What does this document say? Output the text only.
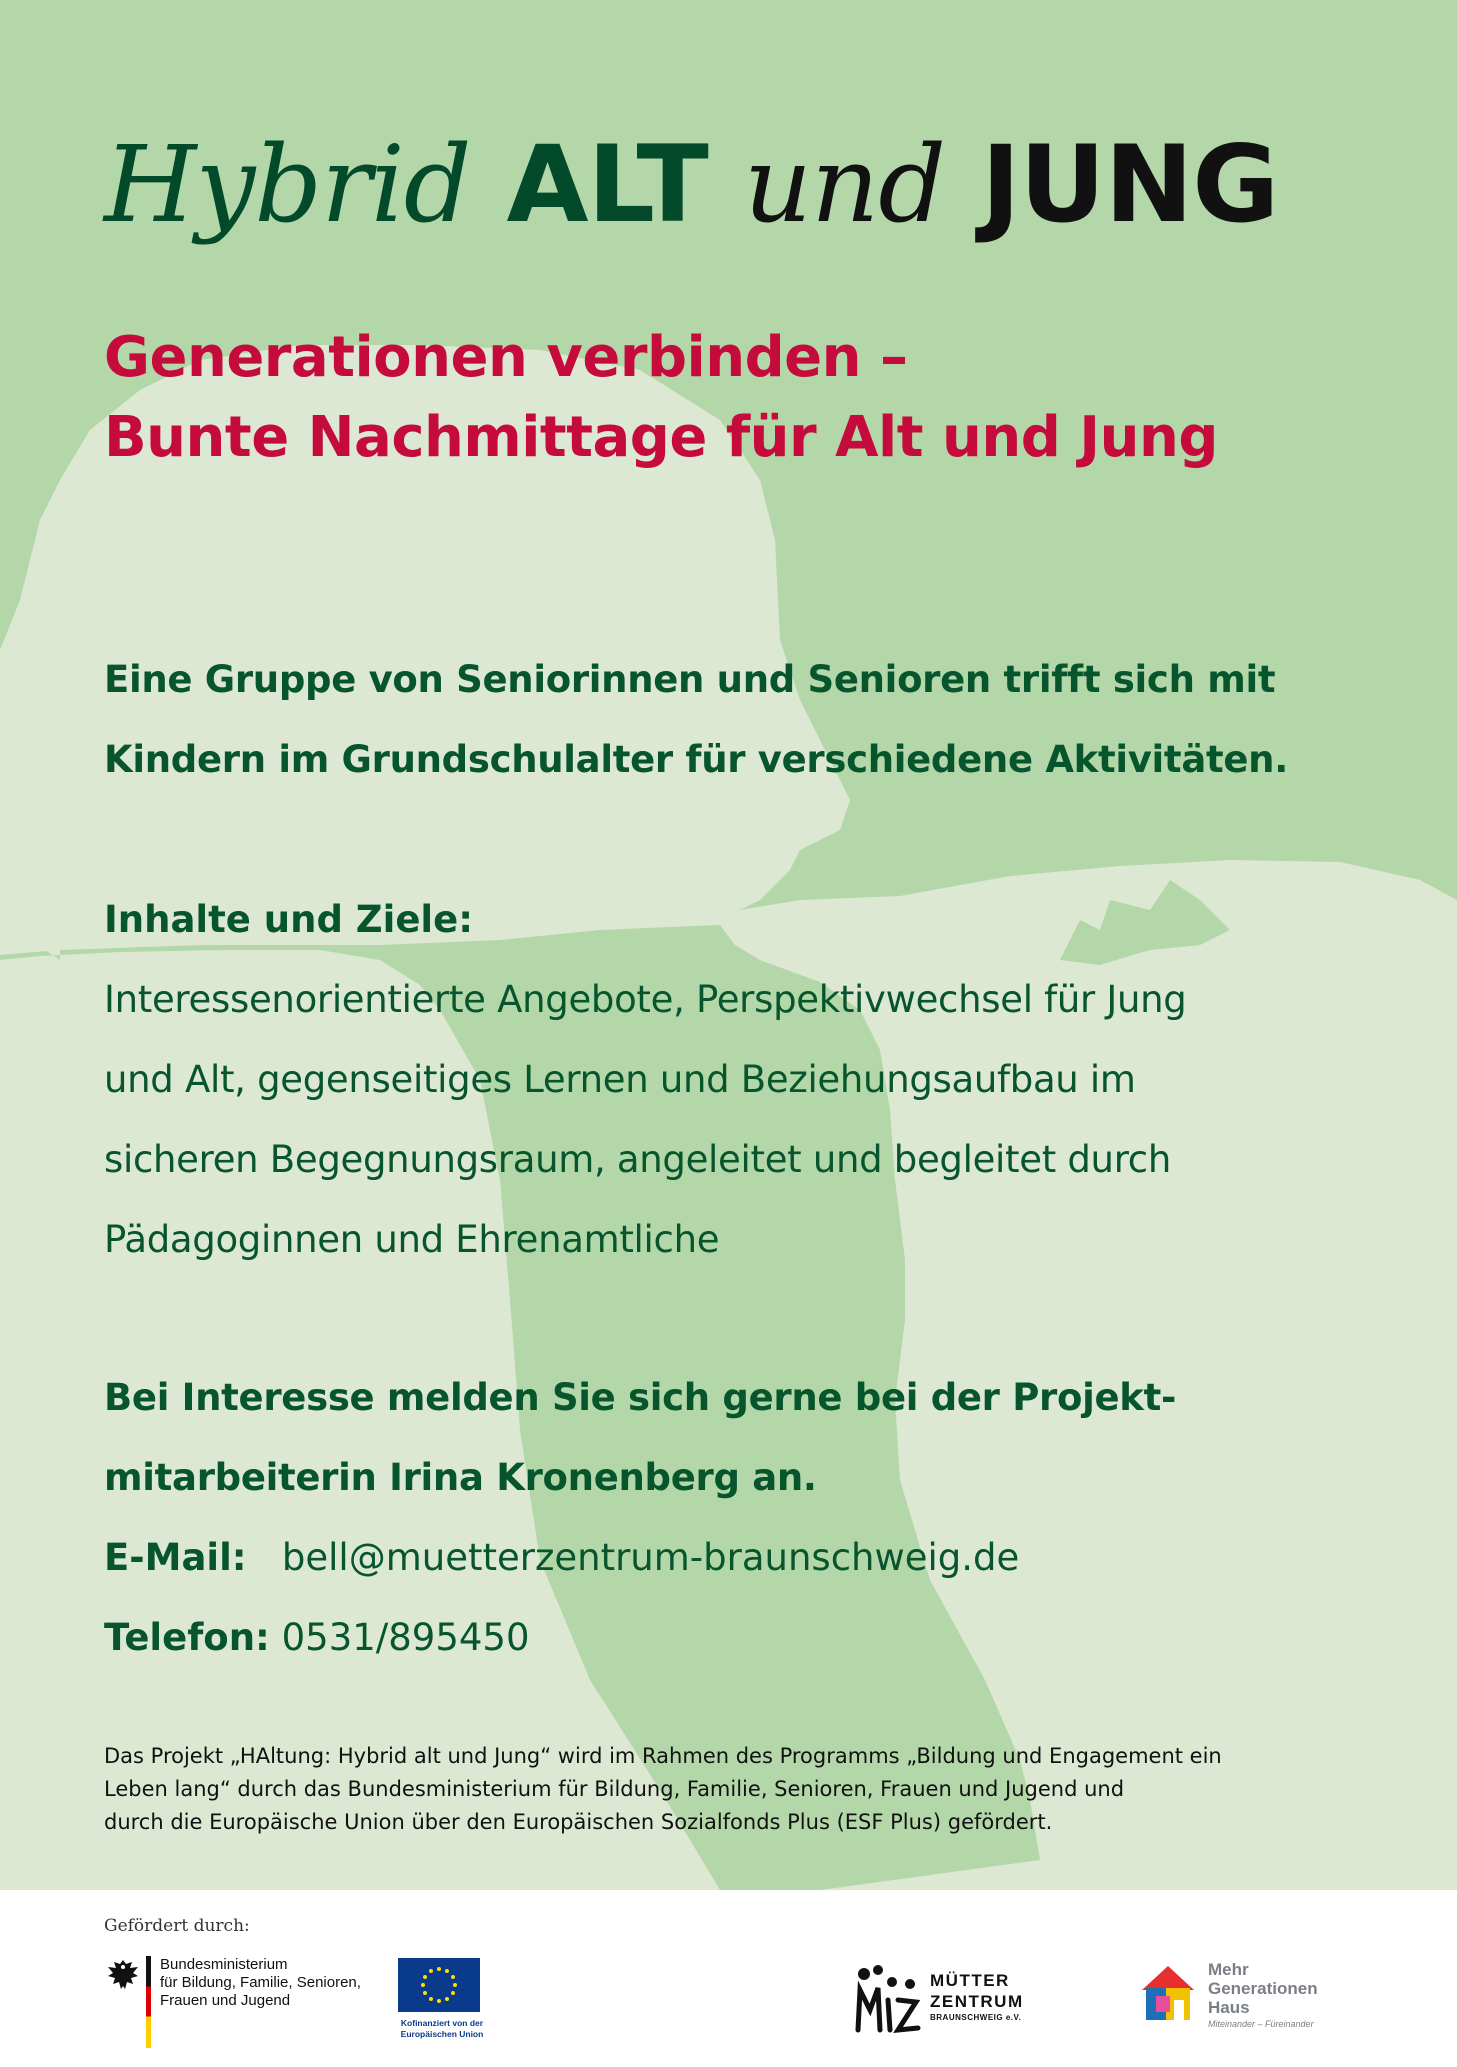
Hybrid ALT und JUNG
Generationen verbinden –
Bunte Nachmittage für Alt und Jung

Eine Gruppe von Seniorinnen und Senioren trifft sich mit
Kindern im Grundschulalter für verschiedene Aktivitäten.

Inhalte und Ziele:

Interessenorientierte Angebote, Perspektivwechsel für Jung
und Alt, gegenseitiges Lernen und Beziehungsaufbau im
sicheren Begegnungsraum, angeleitet und begleitet durch
Pädagoginnen und Ehrenamtliche

Bei Interesse melden Sie sich gerne bei der Projekt-
mitarbeiterin Irina Kronenberg an.

E-Mail: bell@muetterzentrum-braunschweig.de

Telefon: 0531/895450

Das Projekt „HAltung: Hybrid alt und Jung“ wird im Rahmen des Programms „Bildung und Engagement ein
Leben lang“ durch das Bundesministerium für Bildung, Familie, Senioren, Frauen und Jugend und
durch die Europäische Union über den Europäischen Sozialfonds Plus (ESF Plus) gefördert.

Gefördert durch:
Bundesministerium
für Bildung, Familie, Senioren,
Frauen und Jugend
Kofinanziert von der
Europäischen Union
MÜTTER
ZENTRUM
BRAUNSCHWEIG e.V.
Mehr
Generationen
Haus
Miteinander – Füreinander
